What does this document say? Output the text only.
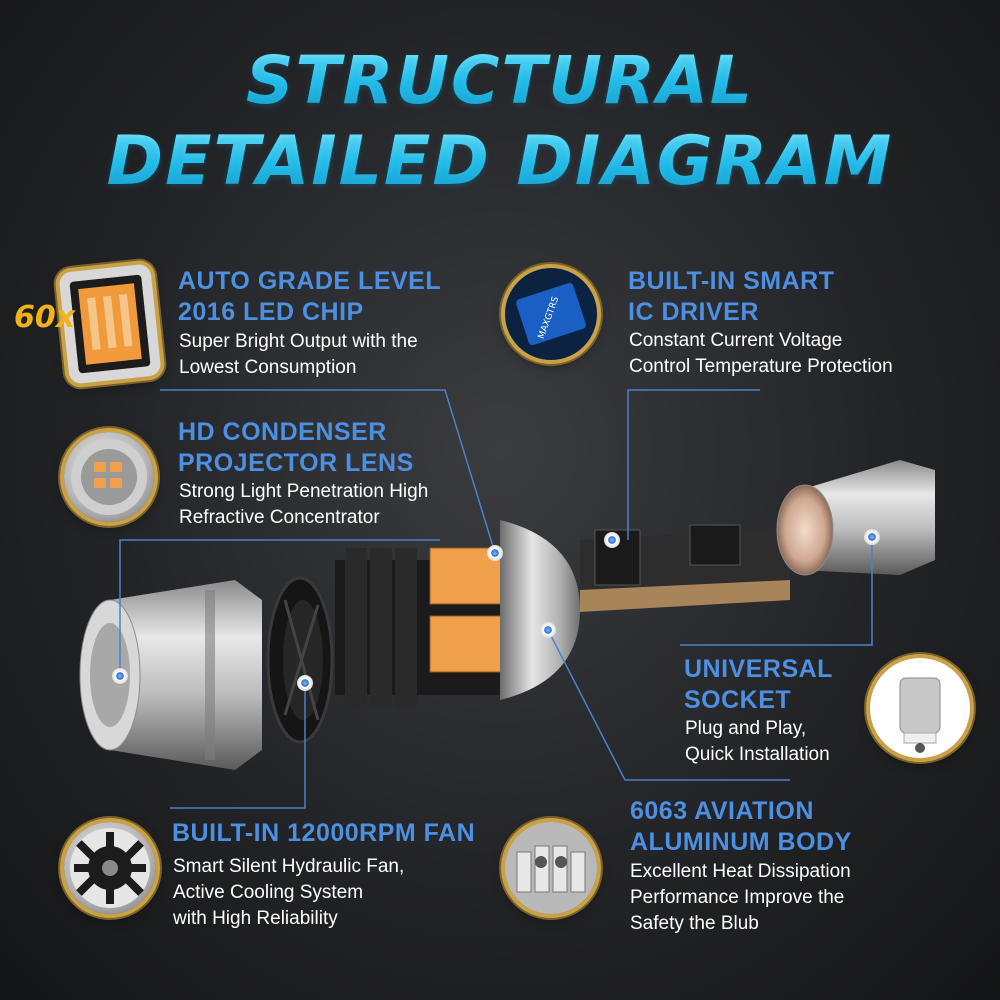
STRUCTURAL
DETAILED DIAGRAM
60x	MAXGTRS
AUTO GRADE LEVEL
2016 LED CHIP
Super Bright Output with the
Lowest Consumption
BUILT-IN SMART
IC DRIVER
Constant Current Voltage
Control Temperature Protection
HD CONDENSER
PROJECTOR LENS
Strong Light Penetration High
Refractive Concentrator
UNIVERSAL
SOCKET
Plug and Play,
Quick Installation
BUILT-IN 12000RPM FAN
Smart Silent Hydraulic Fan,
Active Cooling System
with High Reliability
6063 AVIATION
ALUMINUM BODY
Excellent Heat Dissipation
Performance Improve the
Safety the Blub
